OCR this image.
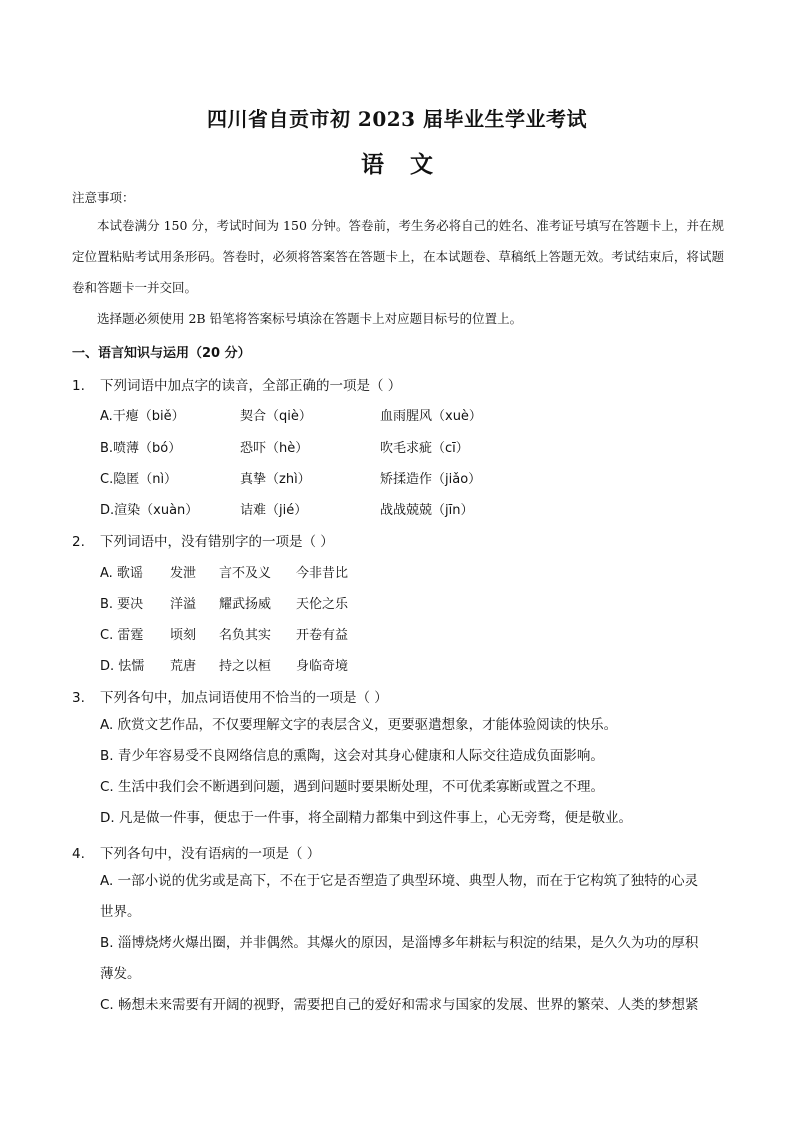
四川省自贡市初 2023 届毕业生学业考试
语文
注意事项：

本试卷满分 150 分，考试时间为 150 分钟。答卷前，考生务必将自己的姓名、准考证号填写在答题卡上，并在规定位置粘贴考试用条形码。答卷时，必须将答案答在答题卡上，在本试题卷、草稿纸上答题无效。考试结束后，将试题卷和答题卡一并交回。

选择题必须使用 2B 铅笔将答案标号填涂在答题卡上对应题目标号的位置上。

一、语言知识与运用（20 分）
1. 下列词语中加点字的读音，全部正确的一项是（ ）
A.干瘪（biě）	契合（qiè）	血雨腥风（xuè）
B.喷薄（bó）	恐吓（hè）	吹毛求疵（cī）
C.隐匿（nì）	真挚（zhì）	矫揉造作（jiǎo）
D.渲染（xuàn）	诘难（jié）	战战兢兢（jīn）
2. 下列词语中，没有错别字的一项是（ ）
A. 歌谣 发泄 言不及义 今非昔比
B. 要决 洋溢 耀武扬威 天伦之乐
C. 雷霆 顷刻 名负其实 开卷有益
D. 怯懦 荒唐 持之以桓 身临奇境
3. 下列各句中，加点词语使用不恰当的一项是（ ）

A. 欣赏文艺作品，不仅要理解文字的表层含义，更要驱遣想象，才能体验阅读的快乐。

B. 青少年容易受不良网络信息的熏陶，这会对其身心健康和人际交往造成负面影响。

C. 生活中我们会不断遇到问题，遇到问题时要果断处理，不可优柔寡断或置之不理。

D. 凡是做一件事，便忠于一件事，将全副精力都集中到这件事上，心无旁骛，便是敬业。

4. 下列各句中，没有语病的一项是（ ）

A. 一部小说的优劣或是高下，不在于它是否塑造了典型环境、典型人物，而在于它构筑了独特的心灵

世界。

B. 淄博烧烤火爆出圈，并非偶然。其爆火的原因，是淄博多年耕耘与积淀的结果，是久久为功的厚积

薄发。

C. 畅想未来需要有开阔的视野，需要把自己的爱好和需求与国家的发展、世界的繁荣、人类的梦想紧
